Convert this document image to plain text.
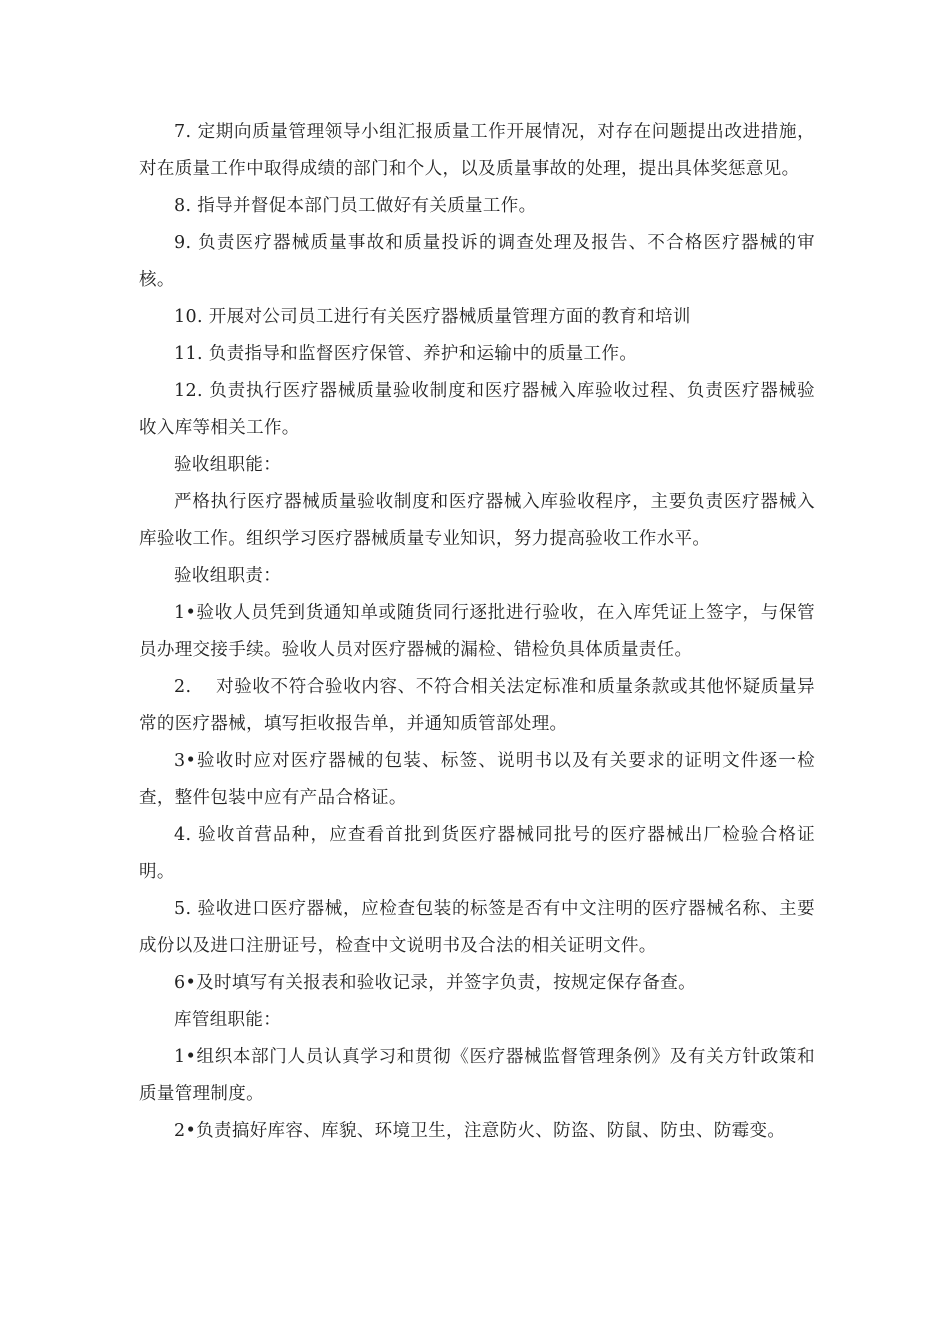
7. 定期向质量管理领导小组汇报质量工作开展情况，对存在问题提出改进措施，对在质量工作中取得成绩的部门和个人，以及质量事故的处理，提出具体奖惩意见。

8. 指导并督促本部门员工做好有关质量工作。

9. 负责医疗器械质量事故和质量投诉的调查处理及报告、不合格医疗器械的审核。

10. 开展对公司员工进行有关医疗器械质量管理方面的教育和培训

11. 负责指导和监督医疗保管、养护和运输中的质量工作。

12. 负责执行医疗器械质量验收制度和医疗器械入库验收过程、负责医疗器械验收入库等相关工作。

验收组职能：

严格执行医疗器械质量验收制度和医疗器械入库验收程序，主要负责医疗器械入库验收工作。组织学习医疗器械质量专业知识，努力提高验收工作水平。

验收组职责：

1•验收人员凭到货通知单或随货同行逐批进行验收，在入库凭证上签字，与保管员办理交接手续。验收人员对医疗器械的漏检、错检负具体质量责任。

2.　 对验收不符合验收内容、不符合相关法定标准和质量条款或其他怀疑质量异常的医疗器械，填写拒收报告单，并通知质管部处理。

3•验收时应对医疗器械的包装、标签、说明书以及有关要求的证明文件逐一检查，整件包装中应有产品合格证。

4. 验收首营品种，应查看首批到货医疗器械同批号的医疗器械出厂检验合格证明。

5. 验收进口医疗器械，应检查包装的标签是否有中文注明的医疗器械名称、主要成份以及进口注册证号，检查中文说明书及合法的相关证明文件。

6•及时填写有关报表和验收记录，并签字负责，按规定保存备查。

库管组职能：

1•组织本部门人员认真学习和贯彻《医疗器械监督管理条例》及有关方针政策和质量管理制度。

2•负责搞好库容、库貌、环境卫生，注意防火、防盗、防鼠、防虫、防霉变。
